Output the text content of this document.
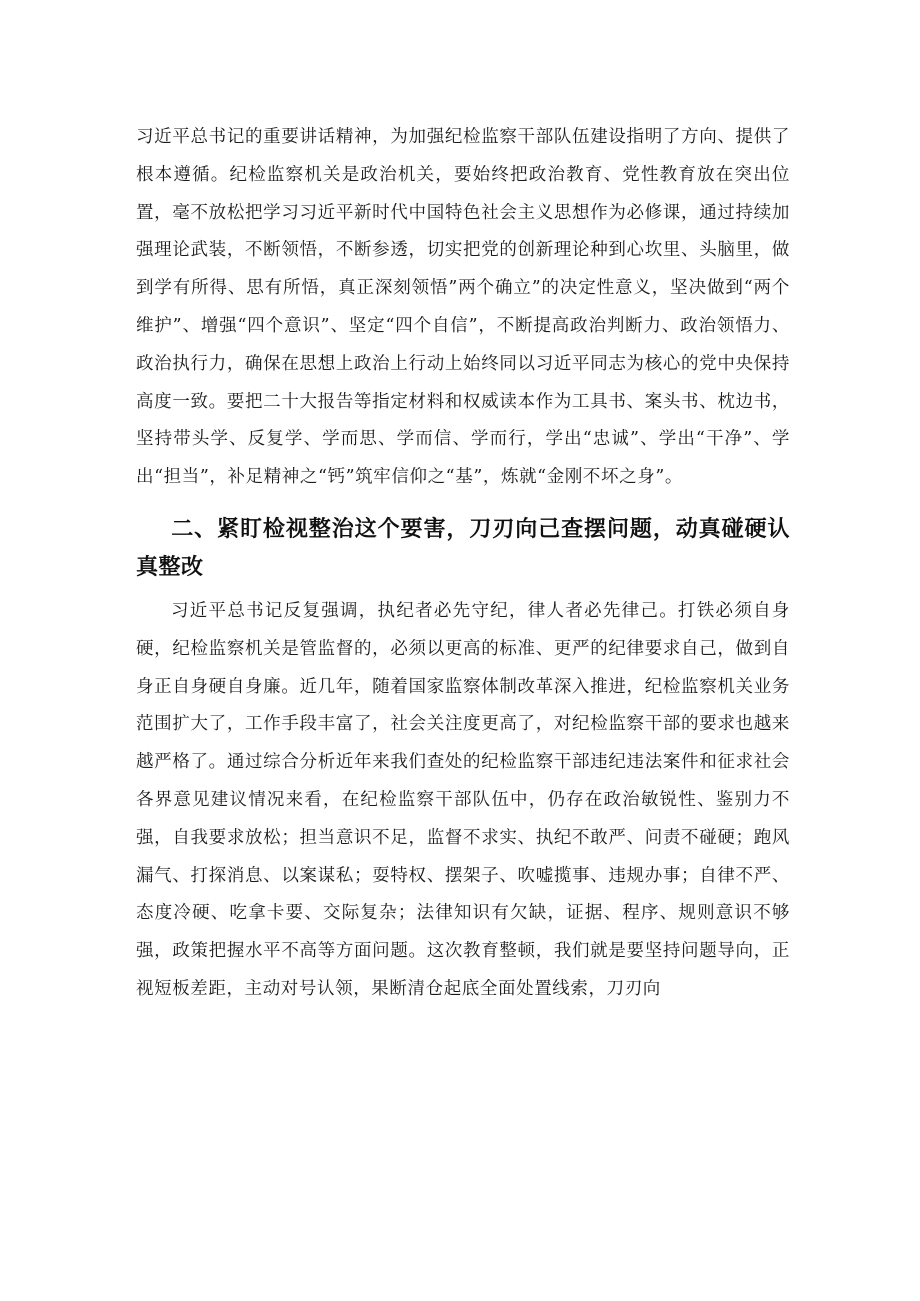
习近平总书记的重要讲话精神，为加强纪检监察干部队伍建设指明了方向、提供了根本遵循。纪检监察机关是政治机关，要始终把政治教育、党性教育放在突出位置，毫不放松把学习习近平新时代中国特色社会主义思想作为必修课，通过持续加强理论武装，不断领悟，不断参透，切实把党的创新理论种到心坎里、头脑里，做到学有所得、思有所悟，真正深刻领悟”两个确立”的决定性意义，坚决做到“两个维护”、增强“四个意识”、坚定“四个自信”，不断提高政治判断力、政治领悟力、政治执行力，确保在思想上政治上行动上始终同以习近平同志为核心的党中央保持高度一致。要把二十大报告等指定材料和权威读本作为工具书、案头书、枕边书，坚持带头学、反复学、学而思、学而信、学而行，学出“忠诚”、学出“干净”、学出“担当”，补足精神之“钙”筑牢信仰之“基”，炼就“金刚不坏之身”。

二、紧盯检视整治这个要害，刀刃向己查摆问题，动真碰硬认真整改

习近平总书记反复强调，执纪者必先守纪，律人者必先律己。打铁必须自身硬，纪检监察机关是管监督的，必须以更高的标准、更严的纪律要求自己，做到自身正自身硬自身廉。近几年，随着国家监察体制改革深入推进，纪检监察机关业务范围扩大了，工作手段丰富了，社会关注度更高了，对纪检监察干部的要求也越来越严格了。通过综合分析近年来我们查处的纪检监察干部违纪违法案件和征求社会各界意见建议情况来看，在纪检监察干部队伍中，仍存在政治敏锐性、鉴别力不强，自我要求放松；担当意识不足，监督不求实、执纪不敢严、问责不碰硬；跑风漏气、打探消息、以案谋私；耍特权、摆架子、吹嘘揽事、违规办事；自律不严、态度冷硬、吃拿卡要、交际复杂；法律知识有欠缺，证据、程序、规则意识不够强，政策把握水平不高等方面问题。这次教育整顿，我们就是要坚持问题导向，正视短板差距，主动对号认领，果断清仓起底全面处置线索，刀刃向
